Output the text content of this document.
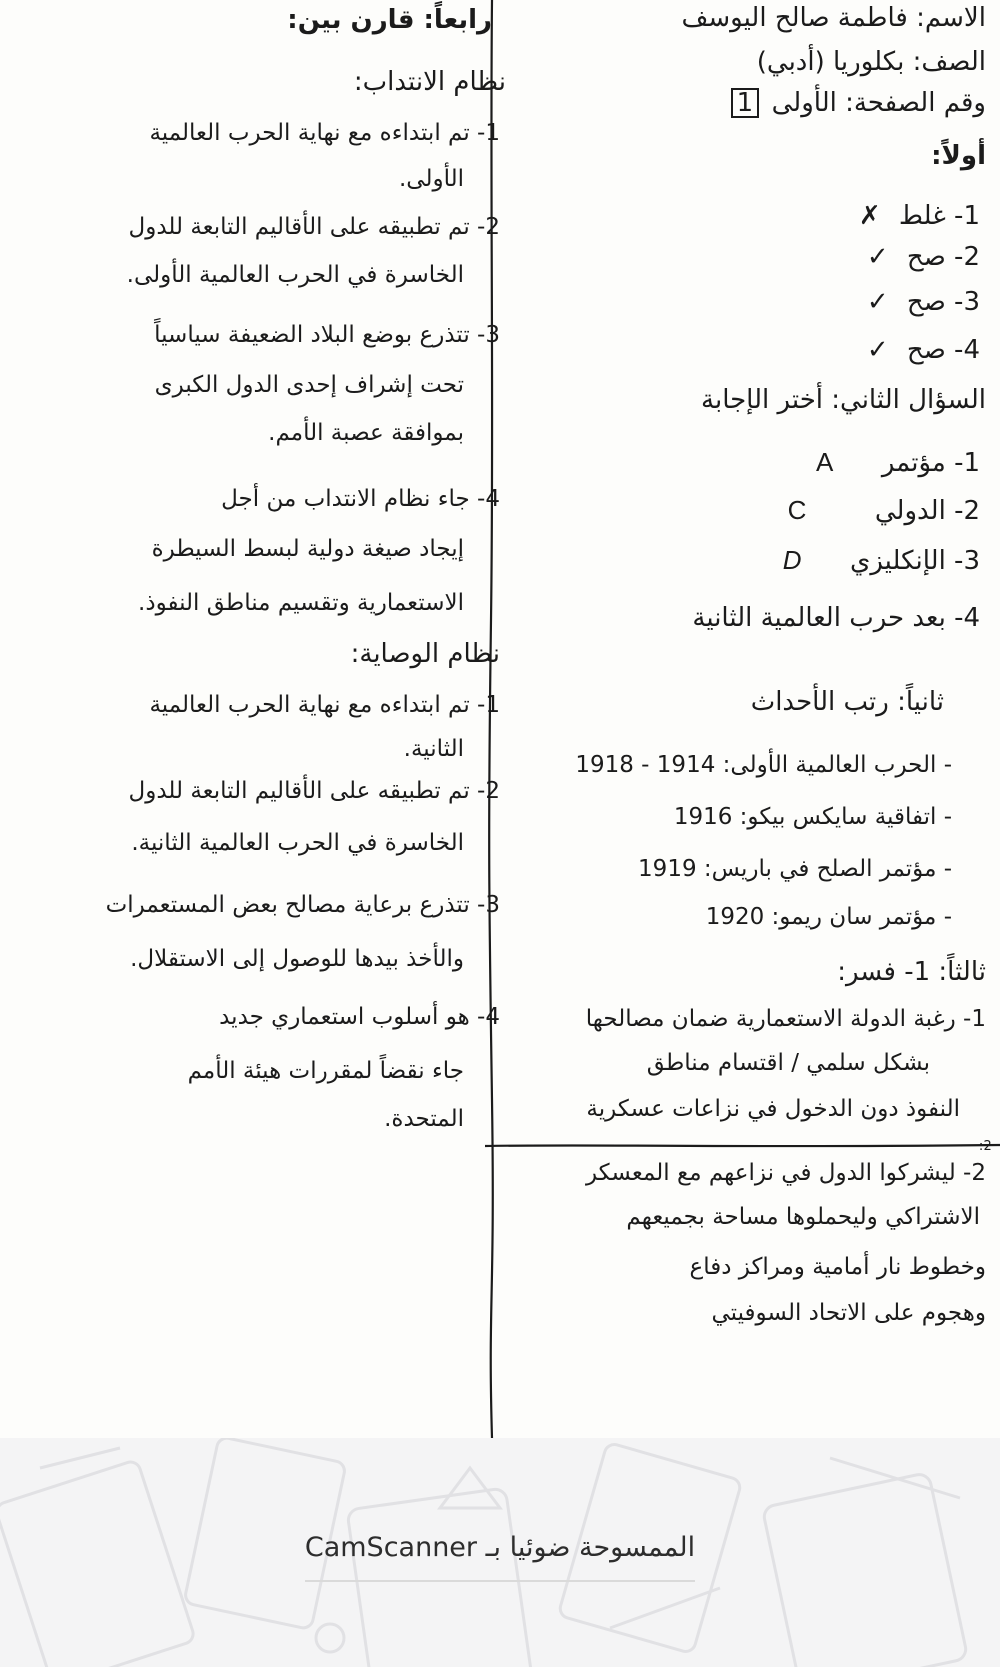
الاسم: فاطمة صالح اليوسف
الصف: بكلوريا (أدبي)
وقم الصفحة: الأولى 1
أولاً:
1- غلط ✗
2- صح ✓
3- صح ✓
4- صح ✓
السؤال الثاني: أختر الإجابة
1- مؤتمر A
2- الدولي C
3- الإنكليزي D
4- بعد حرب العالمية الثانية
ثانياً: رتب الأحداث
- الحرب العالمية الأولى: 1914 - 1918
- اتفاقية سايكس بيكو: 1916
- مؤتمر الصلح في باريس: 1919
- مؤتمر سان ريمو: 1920
ثالثاً: 1- فسر:
1- رغبة الدولة الاستعمارية ضمان مصالحها
بشكل سلمي / اقتسام مناطق
النفوذ دون الدخول في نزاعات عسكرية
2:
2- ليشركوا الدول في نزاعهم مع المعسكر
الاشتراكي وليحملوها مساحة بجميعهم
وخطوط نار أمامية ومراكز دفاع
وهجوم على الاتحاد السوفيتي
رابعاً: قارن بين:
نظام الانتداب:
1- تم ابتداءه مع نهاية الحرب العالمية
الأولى.
2- تم تطبيقه على الأقاليم التابعة للدول
الخاسرة في الحرب العالمية الأولى.
3- تتذرع بوضع البلاد الضعيفة سياسياً
تحت إشراف إحدى الدول الكبرى
بموافقة عصبة الأمم.
4- جاء نظام الانتداب من أجل
إيجاد صيغة دولية لبسط السيطرة
الاستعمارية وتقسيم مناطق النفوذ.
نظام الوصاية:
1- تم ابتداءه مع نهاية الحرب العالمية
الثانية.
2- تم تطبيقه على الأقاليم التابعة للدول
الخاسرة في الحرب العالمية الثانية.
3- تتذرع برعاية مصالح بعض المستعمرات
والأخذ بيدها للوصول إلى الاستقلال.
4- هو أسلوب استعماري جديد
جاء نقضاً لمقررات هيئة الأمم
المتحدة.
الممسوحة ضوئيا بـ CamScanner
